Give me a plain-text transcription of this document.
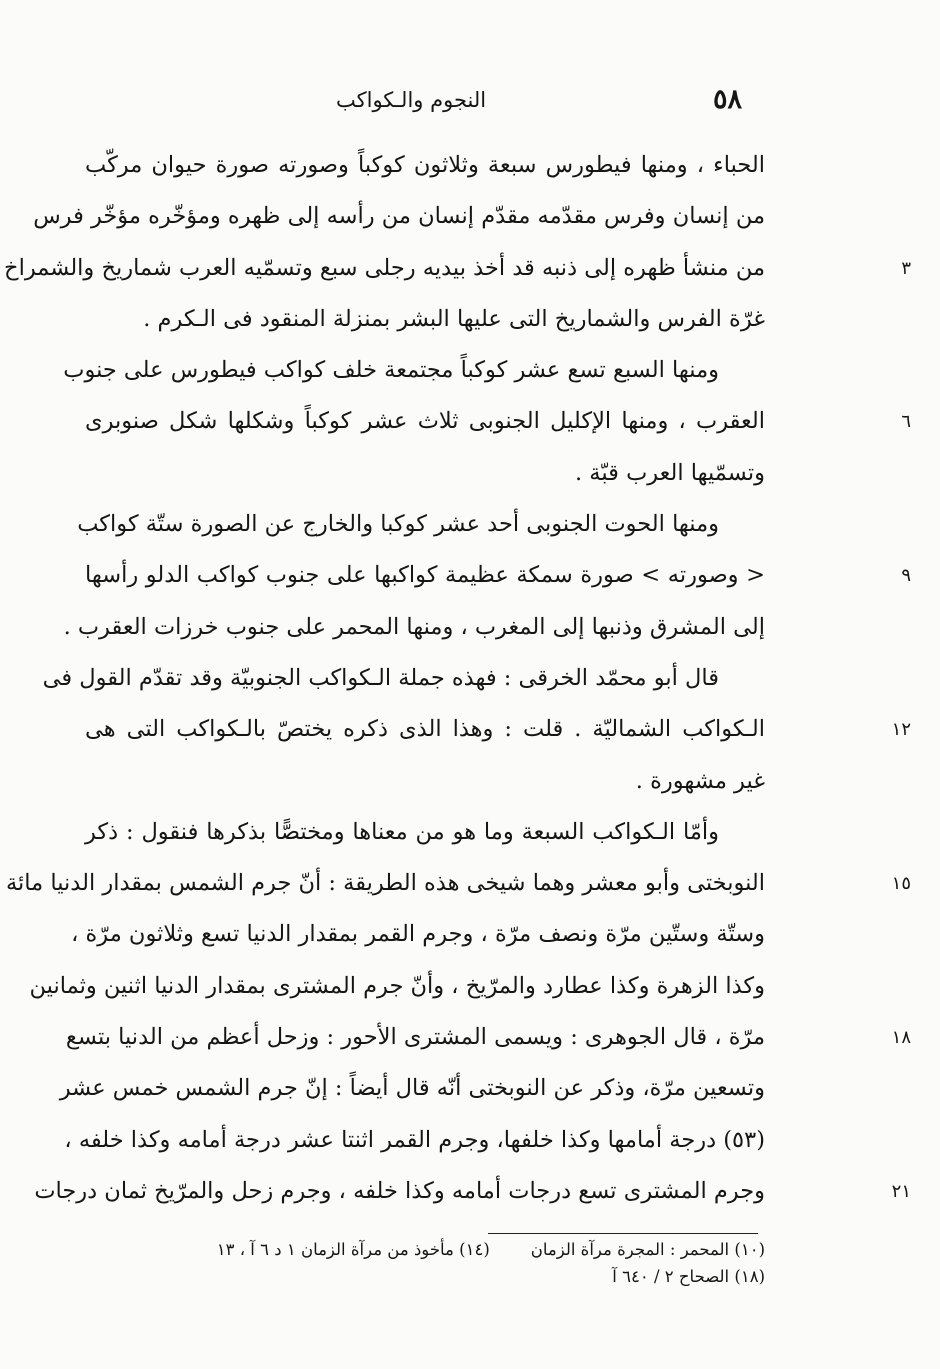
٥٨
النجوم والـكواكب
الحباء ، ومنها فيطورس سبعة وثلاثون كوكباً وصورته صورة حيوان مركّب
من إنسان وفرس مقدّمه مقدّم إنسان من رأسه إلى ظهره ومؤخّره مؤخّر فرس
من منشأ ظهره إلى ذنبه قد أخذ بيديه رجلى سبع وتسمّيه العرب شماريخ والشمراخ	٣
غرّة الفرس والشماريخ التى عليها البشر بمنزلة المنقود فى الـكرم .
ومنها السبع تسع عشر كوكباً مجتمعة خلف كواكب فيطورس على جنوب
العقرب ، ومنها الإكليل الجنوبى ثلاث عشر كوكباً وشكلها شكل صنوبرى	٦
وتسمّيها العرب قبّة .
ومنها الحوت الجنوبى أحد عشر كوكبا والخارج عن الصورة ستّة كواكب
< وصورته > صورة سمكة عظيمة كواكبها على جنوب كواكب الدلو رأسها	٩
إلى المشرق وذنبها إلى المغرب ، ومنها المحمر على جنوب خرزات العقرب .
قال أبو محمّد الخرقى : فهذه جملة الـكواكب الجنوبيّة وقد تقدّم القول فى
الـكواكب الشماليّة . قلت : وهذا الذى ذكره يختصّ بالـكواكب التى هى	١٢
غير مشهورة .
وأمّا الـكواكب السبعة وما هو من معناها ومختصًّا بذكرها فنقول : ذكر
النوبختى وأبو معشر وهما شيخى هذه الطريقة : أنّ جرم الشمس بمقدار الدنيا مائة	١٥
وستّة وستّين مرّة ونصف مرّة ، وجرم القمر بمقدار الدنيا تسع وثلاثون مرّة ،
وكذا الزهرة وكذا عطارد والمرّيخ ، وأنّ جرم المشترى بمقدار الدنيا اثنين وثمانين
مرّة ، قال الجوهرى : ويسمى المشترى الأحور : وزحل أعظم من الدنيا بتسع	١٨
وتسعين مرّة، وذكر عن النوبختى أنّه قال أيضاً : إنّ جرم الشمس خمس عشر
(٥٣) درجة أمامها وكذا خلفها، وجرم القمر اثنتا عشر درجة أمامه وكذا خلفه ،
وجرم المشترى تسع درجات أمامه وكذا خلفه ، وجرم زحل والمرّيخ ثمان درجات	٢١
(١٠) المحمر : المجرة مرآة الزمان (١٤) مأخوذ من مرآة الزمان ١ د ٦ آ ، ١٣
(١٨) الصحاح ٢ / ٦٤٠ آ
